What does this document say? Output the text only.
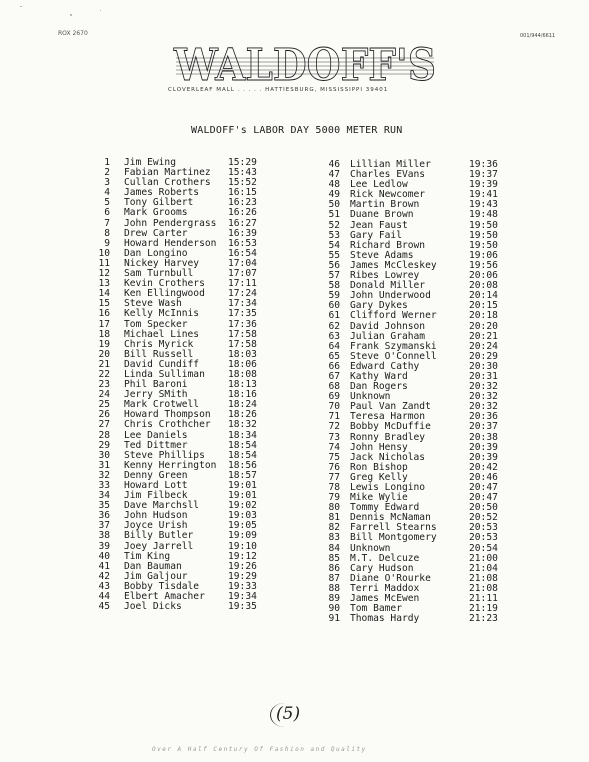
ROX 2670	001/944/6611
WALDOFF'S
CLOVERLEAF MALL . . . . . HATTIESBURG, MISSISSIPPI 39401
WALDOFF's LABOR DAY 5000 METER RUN
1 Jim Ewing	15:29
2 Fabian Martinez 15:43
3 Cullan Crothers 15:52
4 James Roberts	16:15
5 Tony Gilbert	16:23
6 Mark Grooms	16:26
7 John Pendergrass 16:27
8 Drew Carter	16:39
9 Howard Henderson 16:53
10 Dan Longino	16:54
11 Nickey Harvey	17:04
12 Sam Turnbull	17:07
13 Kevin Crothers 17:11
14 Ken Ellingwood 17:24
15 Steve Wash	17:34
16 Kelly McInnis	17:35
17 Tom Specker	17:36
18 Michael Lines	17:58
19 Chris Myrick	17:58
20 Bill Russell	18:03
21 David Cundiff	18:06
22 Linda Sulliman 18:08
23 Phil Baroni	18:13
24 Jerry SMith	18:16
25 Mark Crotwell	18:24
26 Howard Thompson 18:26
27 Chris Crothcher 18:32
28 Lee Daniels	18:34
29 Ted Dittmer	18:54
30 Steve Phillips 18:54
31 Kenny Herrington 18:56
32 Denny Green	18:57
33 Howard Lott	19:01
34 Jim Filbeck	19:01
35 Dave Marchsll	19:02
36 John Hudson	19:03
37 Joyce Urish	19:05
38 Billy Butler	19:09
39 Joey Jarrell	19:10
40 Tim King	19:12
41 Dan Bauman	19:26
42 Jim Galjour	19:29
43 Bobby Tisdale	19:33
44 Elbert Amacher 19:34
45 Joel Dicks	19:35
46 Lillian Miller	19:36
47 Charles EVans	19:37
48 Lee Ledlow	19:39
49 Rick Newcomer	19:41
50 Martin Brown	19:43
51 Duane Brown	19:48
52 Jean Faust	19:50
53 Gary Fail	19:50
54 Richard Brown	19:50
55 Steve Adams	19:06
56 James McCleskey	19:56
57 Ribes Lowrey	20:06
58 Donald Miller	20:08
59 John Underwood	20:14
60 Gary Dykes	20:15
61 Clifford Werner	20:18
62 David Johnson	20:20
63 Julian Graham	20:21
64 Frank Szymanski	20:24
65 Steve O'Connell	20:29
66 Edward Cathy	20:30
67 Kathy Ward	20:31
68 Dan Rogers	20:32
69 Unknown	20:32
70 Paul Van Zandt	20:32
71 Teresa Harmon	20:36
72 Bobby McDuffie	20:37
73 Ronny Bradley	20:38
74 John Hensy	20:39
75 Jack Nicholas	20:39
76 Ron Bishop	20:42
77 Greg Kelly	20:46
78 Lewis Longino	20:47
79 Mike Wylie	20:47
80 Tommy Edward	20:50
81 Dennis McNaman	20:52
82 Farrell Stearns	20:53
83 Bill Montgomery	20:53
84 Unknown	20:54
85 M.T. Delcuze	21:00
86 Cary Hudson	21:04
87 Diane O'Rourke	21:08
88 Terri Maddox	21:08
89 James McEwen	21:11
90 Tom Bamer	21:19
91 Thomas Hardy	21:23
(5)
Over A Half Century Of Fashion and Quality
